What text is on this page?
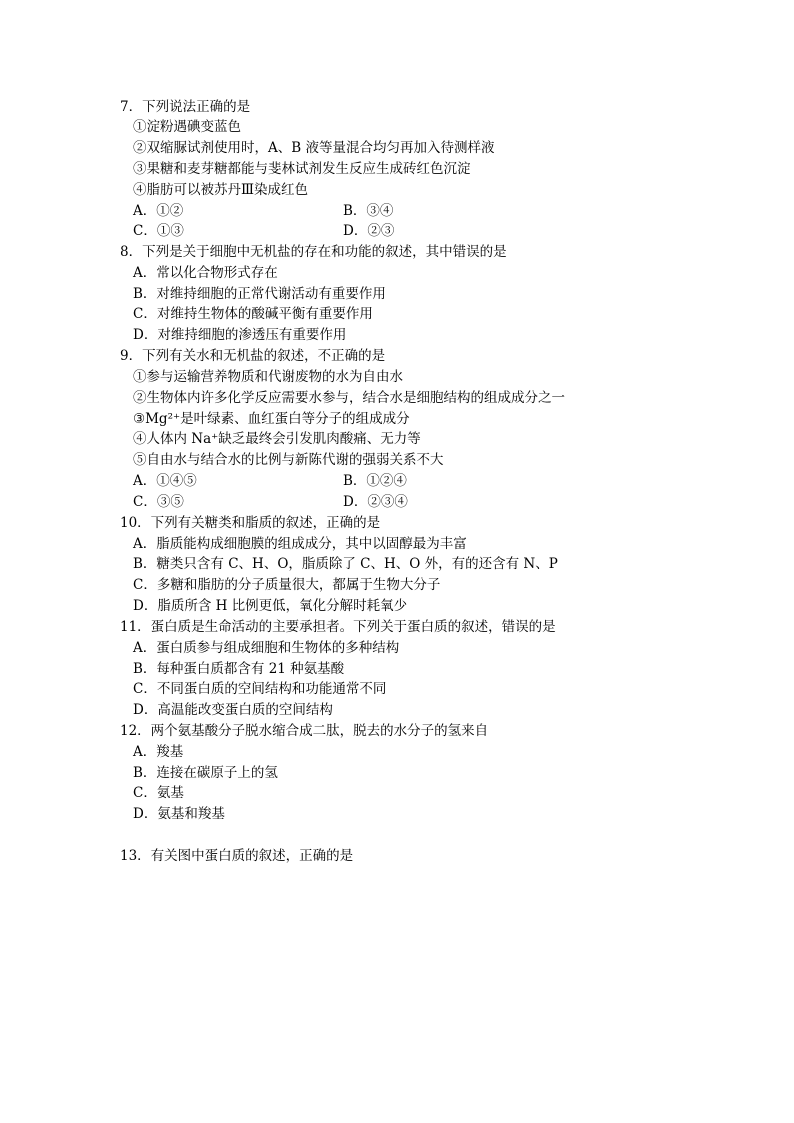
7．下列说法正确的是
①淀粉遇碘变蓝色
②双缩脲试剂使用时，A、B 液等量混合均匀再加入待测样液
③果糖和麦芽糖都能与斐林试剂发生反应生成砖红色沉淀
④脂肪可以被苏丹Ⅲ染成红色
A．①②	B．③④
C．①③	D．②③
8．下列是关于细胞中无机盐的存在和功能的叙述，其中错误的是
A．常以化合物形式存在
B．对维持细胞的正常代谢活动有重要作用
C．对维持生物体的酸碱平衡有重要作用
D．对维持细胞的渗透压有重要作用
9．下列有关水和无机盐的叙述，不正确的是
①参与运输营养物质和代谢废物的水为自由水
②生物体内许多化学反应需要水参与，结合水是细胞结构的组成成分之一
③Mg²⁺是叶绿素、血红蛋白等分子的组成成分
④人体内 Na⁺缺乏最终会引发肌肉酸痛、无力等
⑤自由水与结合水的比例与新陈代谢的强弱关系不大
A．①④⑤	B．①②④
C．③⑤	D．②③④
10．下列有关糖类和脂质的叙述，正确的是
A．脂质能构成细胞膜的组成成分，其中以固醇最为丰富
B．糖类只含有 C、H、O，脂质除了 C、H、O 外，有的还含有 N、P
C．多糖和脂肪的分子质量很大，都属于生物大分子
D．脂质所含 H 比例更低，氧化分解时耗氧少
11．蛋白质是生命活动的主要承担者。下列关于蛋白质的叙述，错误的是
A．蛋白质参与组成细胞和生物体的多种结构
B．每种蛋白质都含有 21 种氨基酸
C．不同蛋白质的空间结构和功能通常不同
D．高温能改变蛋白质的空间结构
12．两个氨基酸分子脱水缩合成二肽，脱去的水分子的氢来自
A．羧基
B．连接在碳原子上的氢
C．氨基
D．氨基和羧基
13．有关图中蛋白质的叙述，正确的是
